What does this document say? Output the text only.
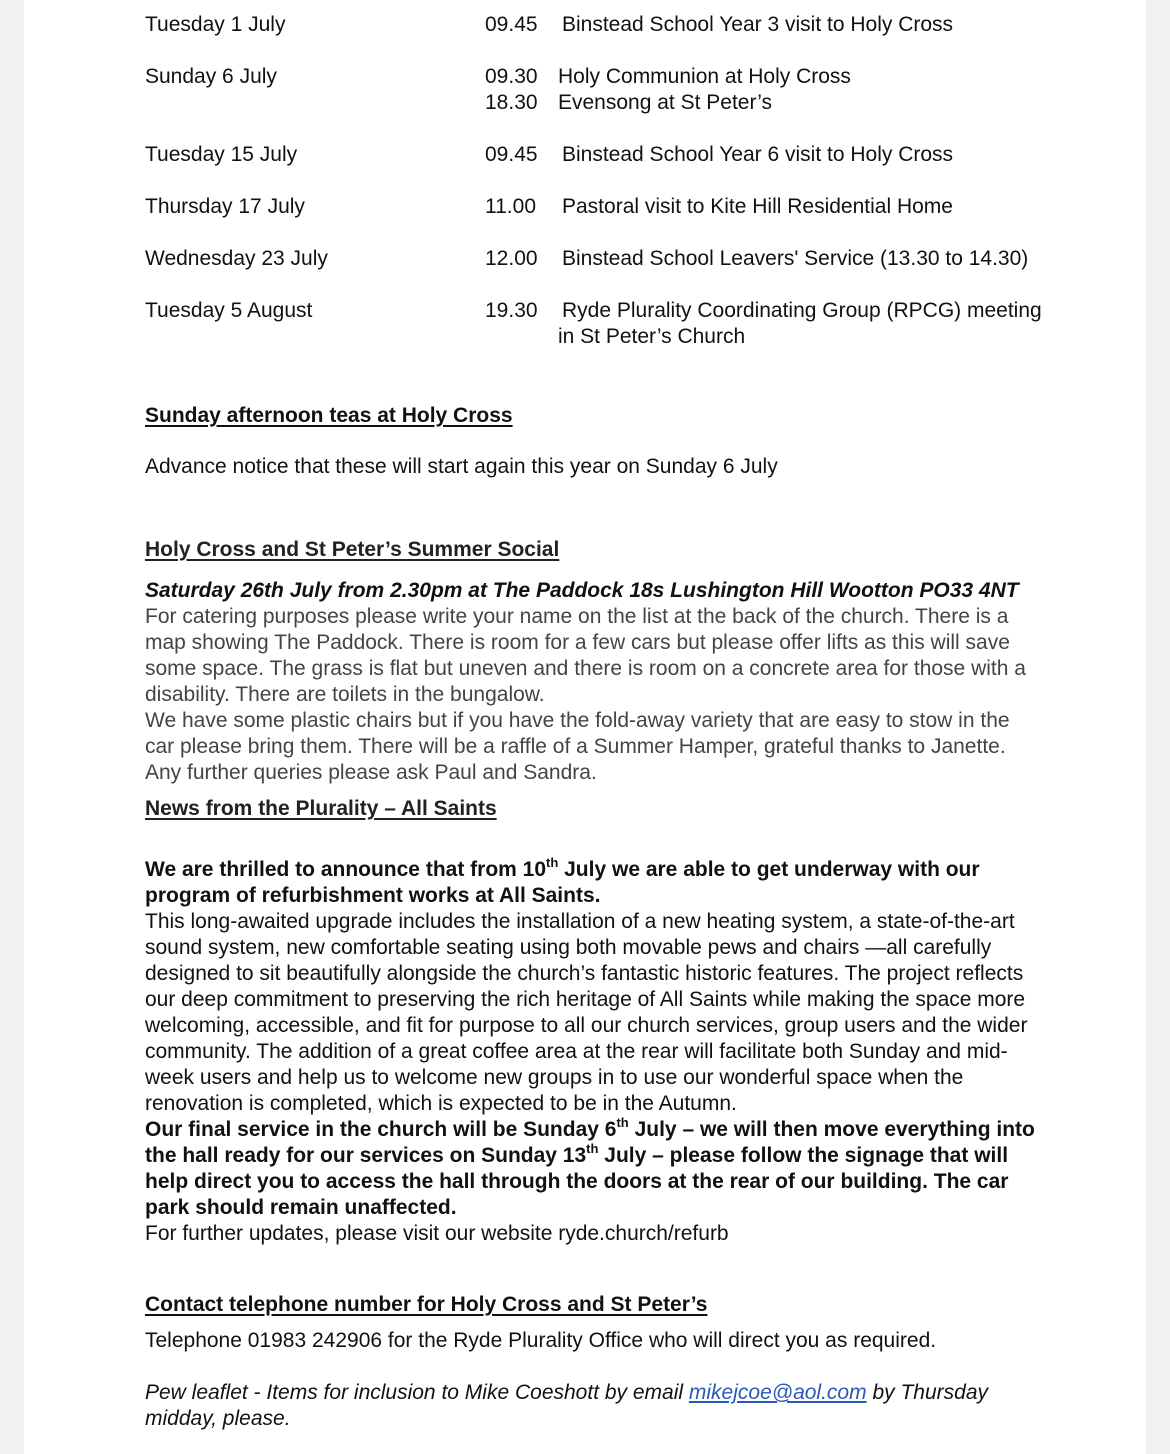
Tuesday 1 July	09.45 Binstead School Year 3 visit to Holy Cross
Sunday 6 July	09.30 Holy Communion at Holy Cross
18.30 Evensong at St Peter’s
Tuesday 15 July	09.45 Binstead School Year 6 visit to Holy Cross
Thursday 17 July	11.00 Pastoral visit to Kite Hill Residential Home
Wednesday 23 July	12.00 Binstead School Leavers' Service (13.30 to 14.30)
Tuesday 5 August	19.30 Ryde Plurality Coordinating Group (RPCG) meeting
in St Peter’s Church
Sunday afternoon teas at Holy Cross
Advance notice that these will start again this year on Sunday 6 July
Holy Cross and St Peter’s Summer Social
Saturday 26th July from 2.30pm at The Paddock 18s Lushington Hill Wootton PO33 4NT
For catering purposes please write your name on the list at the back of the church. There is a
map showing The Paddock. There is room for a few cars but please offer lifts as this will save
some space. The grass is flat but uneven and there is room on a concrete area for those with a
disability. There are toilets in the bungalow.
We have some plastic chairs but if you have the fold-away variety that are easy to stow in the
car please bring them. There will be a raffle of a Summer Hamper, grateful thanks to Janette.
Any further queries please ask Paul and Sandra.
News from the Plurality – All Saints
We are thrilled to announce that from 10th July we are able to get underway with our
program of refurbishment works at All Saints.
This long-awaited upgrade includes the installation of a new heating system, a state-of-the-art
sound system, new comfortable seating using both movable pews and chairs —all carefully
designed to sit beautifully alongside the church’s fantastic historic features. The project reflects
our deep commitment to preserving the rich heritage of All Saints while making the space more
welcoming, accessible, and fit for purpose to all our church services, group users and the wider
community. The addition of a great coffee area at the rear will facilitate both Sunday and mid-
week users and help us to welcome new groups in to use our wonderful space when the
renovation is completed, which is expected to be in the Autumn.
Our final service in the church will be Sunday 6th July – we will then move everything into
the hall ready for our services on Sunday 13th July – please follow the signage that will
help direct you to access the hall through the doors at the rear of our building. The car
park should remain unaffected.
For further updates, please visit our website ryde.church/refurb
Contact telephone number for Holy Cross and St Peter’s
Telephone 01983 242906 for the Ryde Plurality Office who will direct you as required.
Pew leaflet - Items for inclusion to Mike Coeshott by email mikejcoe@aol.com by Thursday
midday, please.
